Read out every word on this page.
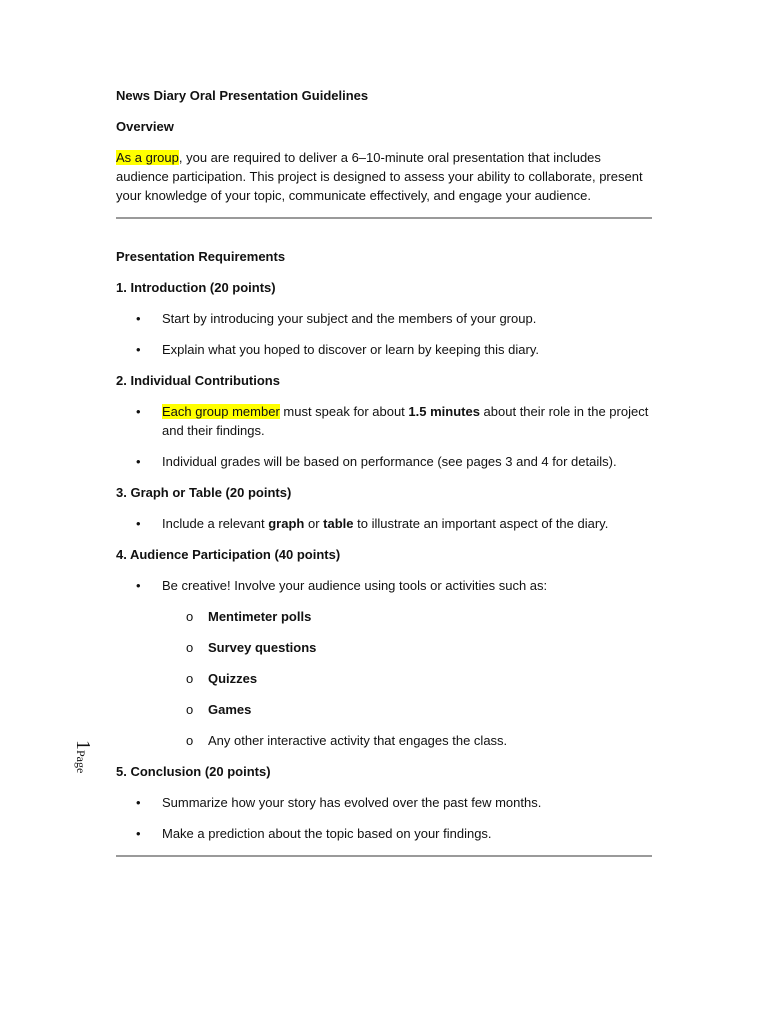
1Page

News Diary Oral Presentation Guidelines

Overview

As a group, you are required to deliver a 6–10-minute oral presentation that includes audience participation. This project is designed to assess your ability to collaborate, present your knowledge of your topic, communicate effectively, and engage your audience.

Presentation Requirements

1. Introduction (20 points)

• Start by introducing your subject and the members of your group.
• Explain what you hoped to discover or learn by keeping this diary.

2. Individual Contributions

• Each group member must speak for about 1.5 minutes about their role in the project and their findings.
• Individual grades will be based on performance (see pages 3 and 4 for details).

3. Graph or Table (20 points)

• Include a relevant graph or table to illustrate an important aspect of the diary.

4. Audience Participation (40 points)

• Be creative! Involve your audience using tools or activities such as:
o Mentimeter polls
o Survey questions
o Quizzes
o Games
o Any other interactive activity that engages the class.

5. Conclusion (20 points)

• Summarize how your story has evolved over the past few months.
• Make a prediction about the topic based on your findings.
